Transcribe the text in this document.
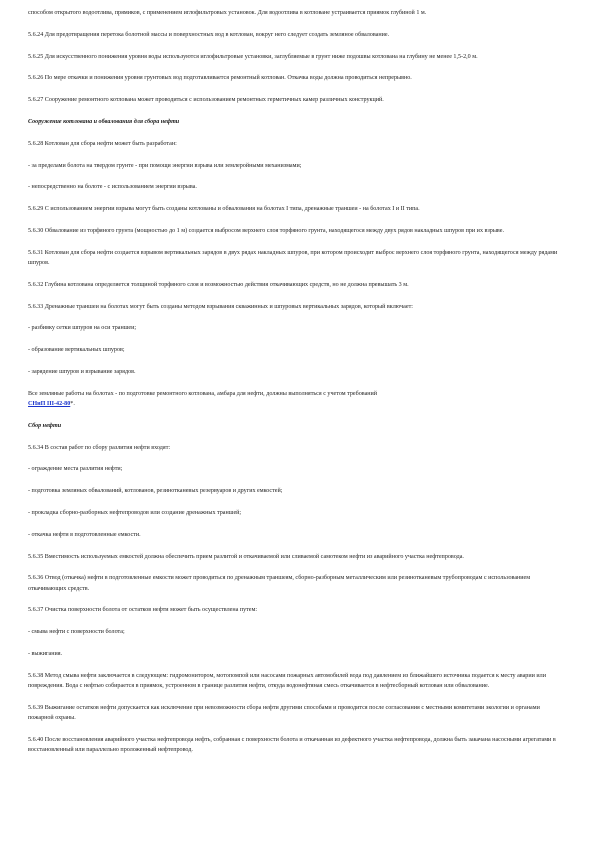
способом открытого водоотлива, прямиков, с применением иглофильтровых установок. Для водоотлива в котловане устраивается приямок глубиной 1 м.
5.6.24 Для предотвращения перетока болотной массы и поверхностных вод в котлован, вокруг него следует создать земляное обвалование.
5.6.25 Для искусственного понижения уровня воды используются иглофильтровые установки, заглубляемые в грунт ниже подошвы котлована на глубину не менее 1,5-2,0 м.
5.6.26 По мере откачки и понижения уровня грунтовых вод подготавливается ремонтный котлован. Откачка воды должна проводиться непрерывно.
5.6.27 Сооружение ремонтного котлована может проводиться с использованием ремонтных герметичных камер различных конструкций.
Сооружение котлована и обвалования для сбора нефти
5.6.28 Котлован для сбора нефти может быть разработан:
- за пределами болота на твердом грунте - при помощи энергии взрыва или землеройными механизмами;
- непосредственно на болоте - с использованием энергии взрыва.
5.6.29 С использованием энергии взрыва могут быть созданы котлованы и обвалования на болотах I типа, дренажные траншеи - на болотах I и II типа.
5.6.30 Обвалование из торфяного грунта (мощностью до 1 м) создается выбросом верхнего слоя торфяного грунта, находящегося между двух рядов накладных шпуров при их взрыве.
5.6.31 Котлован для сбора нефти создается взрывом вертикальных зарядов в двух рядах накладных шпуров, при котором происходит выброс верхнего слоя торфяного грунта, находящегося между рядами шпуров.
5.6.32 Глубина котлована определяется толщиной торфяного слоя и возможностью действия откачивающих средств, но не должна превышать 3 м.
5.6.33 Дренажные траншеи на болотах могут быть созданы методом взрывания скважинных и шпуровых вертикальных зарядов, который включает:
- разбивку сетки шпуров на оси траншеи;
- образование вертикальных шпуров;
- зарядение шпуров и взрывание зарядов.
Все земляные работы на болотах - по подготовке ремонтного котлована, амбара для нефти, должны выполняться с учетом требований
СНиП III-42-80*.
Сбор нефти
5.6.34 В состав работ по сбору разлития нефти входят:
- ограждение места разлития нефти;
- подготовка земляных обвалований, котлованов, резинотканевых резервуаров и других емкостей;
- прокладка сборно-разборных нефтепроводов или создание дренажных траншей;
- откачка нефти в подготовленные емкости.
5.6.35 Вместимость используемых емкостей должна обеспечить прием разлитой и откачиваемой или сливаемой самотеком нефти из аварийного участка нефтепровода.
5.6.36 Отвод (откачка) нефти в подготовленные емкости может проводиться по дренажным траншеям, сборно-разборным металлическим или резинотканевым трубопроводам с использованием откачивающих средств.
5.6.37 Очистка поверхности болота от остатков нефти может быть осуществлена путем:
- смыва нефти с поверхности болота;
- выжигания.
5.6.38 Метод смыва нефти заключается в следующем: гидромонитором, мотопомпой или насосами пожарных автомобилей вода под давлением из ближайшего источника подается к месту аварии или повреждения. Вода с нефтью собирается в приямок, устроенном в границе разлития нефти, откуда водонефтяная смесь откачивается в нефтесборный котлован или обвалование.
5.6.39 Выжигание остатков нефти допускается как исключение при невозможности сбора нефти другими способами и проводится после согласования с местными комитетами экологии и органами пожарной охраны.
5.6.40 После восстановления аварийного участка нефтепровода нефть, собранная с поверхности болота и откачанная из дефектного участка нефтепровода, должна быть закачана насосными агрегатами в восстановленный или параллельно проложенный нефтепровод.
